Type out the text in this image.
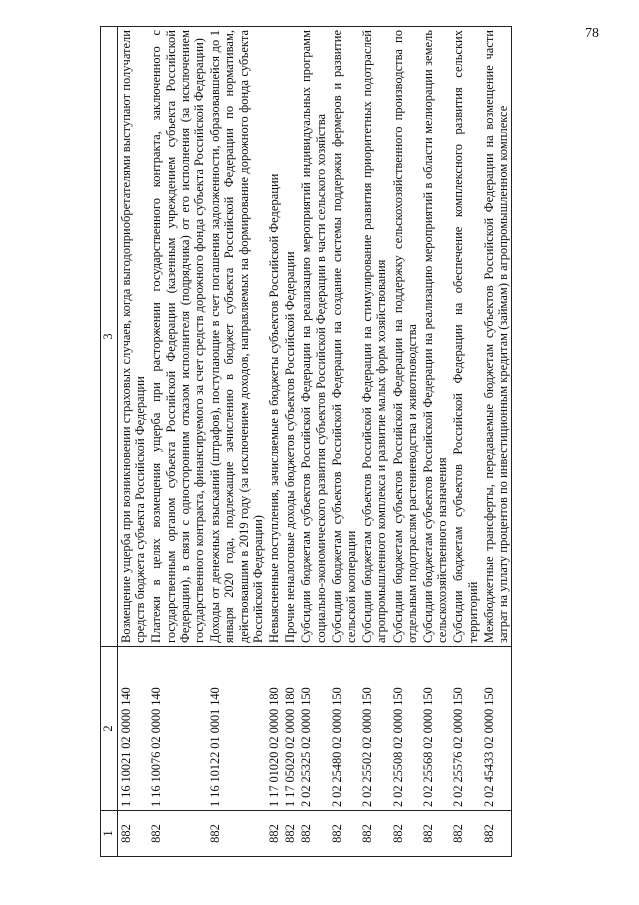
78
1	2	3
882	1 16 10021 02 0000 140	Возмещение ущерба при возникновении страховых случаев, когда выгодоприобретателями выступают получатели средств бюджета субъекта Российской Федерации
882	1 16 10076 02 0000 140	Платежи в целях возмещения ущерба при расторжении государственного контракта, заключенного с государственным органом субъекта Российской Федерации (казенным учреждением субъекта Российской Федерации), в связи с односторонним отказом исполнителя (подрядчика) от его исполнения (за исключением государственного контракта, финансируемого за счет средств дорожного фонда субъекта Российской Федерации)
882	1 16 10122 01 0001 140	Доходы от денежных взысканий (штрафов), поступающие в счет погашения задолженности, образовавшейся до 1 января 2020 года, подлежащие зачислению в бюджет субъекта Российской Федерации по нормативам, действовавшим в 2019 году (за исключением доходов, направляемых на формирование дорожного фонда субъекта Российской Федерации)
882	1 17 01020 02 0000 180	Невыясненные поступления, зачисляемые в бюджеты субъектов Российской Федерации
882	1 17 05020 02 0000 180	Прочие неналоговые доходы бюджетов субъектов Российской Федерации
882	2 02 25325 02 0000 150	Субсидии бюджетам субъектов Российской Федерации на реализацию мероприятий индивидуальных программ социально-экономического развития субъектов Российской Федерации в части сельского хозяйства
882	2 02 25480 02 0000 150	Субсидии бюджетам субъектов Российской Федерации на создание системы поддержки фермеров и развитие сельской кооперации
882	2 02 25502 02 0000 150	Субсидии бюджетам субъектов Российской Федерации на стимулирование развития приоритетных подотраслей агропромышленного комплекса и развитие малых форм хозяйствования
882	2 02 25508 02 0000 150	Субсидии бюджетам субъектов Российской Федерации на поддержку сельскохозяйственного производства по отдельным подотраслям растениеводства и животноводства
882	2 02 25568 02 0000 150	Субсидии бюджетам субъектов Российской Федерации на реализацию мероприятий в области мелиорации земель сельскохозяйственного назначения
882	2 02 25576 02 0000 150	Субсидии бюджетам субъектов Российской Федерации на обеспечение комплексного развития сельских территорий
882	2 02 45433 02 0000 150	Межбюджетные трансферты, передаваемые бюджетам субъектов Российской Федерации на возмещение части затрат на уплату процентов по инвестиционным кредитам (займам) в агропромышленном комплексе
